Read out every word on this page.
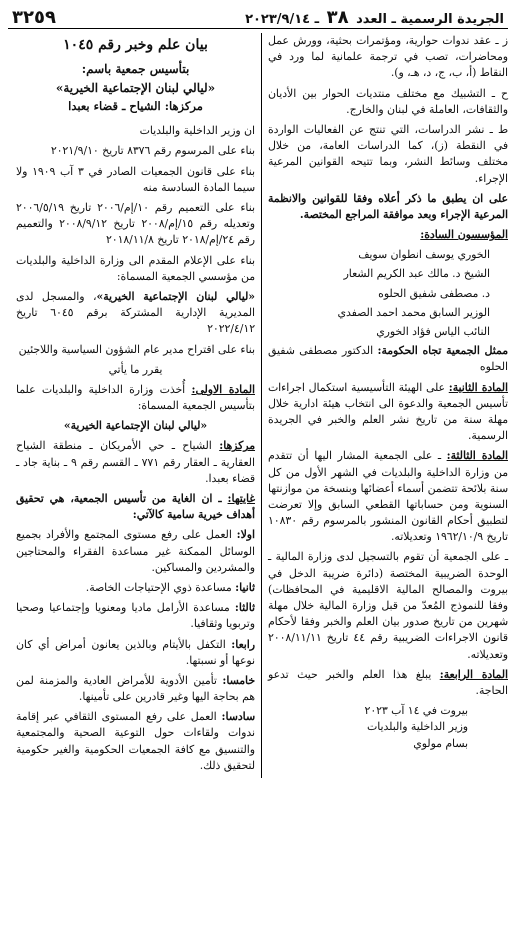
الجريدة الرسمية ـ العدد ٣٨ ـ ٢٠٢٣/٩/١٤
٣٢٥٩

ز ـ عقد ندوات حوارية، ومؤتمرات بحثية، وورش عمل ومحاضرات، تصب في ترجمة علمانية لما ورد في النقاط (أ، ب، ج، د، هـ، و).

ح ـ التشبيك مع مختلف منتديات الحوار بين الأديان والثقافات، العاملة في لبنان والخارج.

ط ـ نشر الدراسات، التي تنتج عن الفعاليات الواردة في النقطة (ز)، كما الدراسات العامة، من خلال مختلف وسائط النشر، وبما تتيحه القوانين المرعية الإجراء.

على ان يطبق ما ذكر أعلاه وفقا للقوانين والانظمة المرعية الإجراء وبعد موافقة المراجع المختصة.

المؤسسون السادة:

الخوري يوسف انطوان سويف

الشيخ د. مالك عبد الكريم الشعار

د. مصطفى شفيق الحلوه

الوزير السابق محمد احمد الصفدي

النائب الياس فؤاد الخوري

ممثل الجمعية تجاه الحكومة: الدكتور مصطفى شفيق الحلوه

المادة الثانية: على الهيئة التأسيسية استكمال اجراءات تأسيس الجمعية والدعوة الى انتخاب هيئة ادارية خلال مهلة سنة من تاريخ نشر العلم والخبر في الجريدة الرسمية.

المادة الثالثة: ـ على الجمعية المشار اليها أن تتقدم من وزارة الداخلية والبلديات في الشهر الأول من كل سنة بلائحة تتضمن أسماء أعضائها وبنسخة من موازنتها السنوية ومن حساباتها القطعي السابق وإلا تعرضت لتطبيق أحكام القانون المنشور بالمرسوم رقم ١٠٨٣٠ تاريخ ١٩٦٢/١٠/٩ وتعديلاته.

ـ على الجمعية أن تقوم بالتسجيل لدى وزارة المالية ـ الوحدة الضريبية المختصة (دائرة ضريبة الدخل في بيروت والمصالح المالية الاقليمية في المحافظات) وفقا للنموذج المُعدّ من قبل وزارة المالية خلال مهلة شهرين من تاريخ صدور بيان العلم والخبر وفقا لأحكام قانون الاجراءات الضريبية رقم ٤٤ تاريخ ٢٠٠٨/١١/١١ وتعديلاته.

المادة الرابعة: يبلغ هذا العلم والخبر حيث تدعو الحاجة.

بيروت في ١٤ آب ٢٠٢٣

وزير الداخلية والبلديات

بسام مولوي

بيان علم وخبر رقم ١٠٤٥
بتأسيس جمعية باسم:
«ليالي لبنان الإجتماعية الخيرية»
مركزها: الشياح ـ قضاء بعبدا

ان وزير الداخلية والبلديات

بناء على المرسوم رقم ٨٣٧٦ تاريخ ٢٠٢١/٩/١٠

بناء على قانون الجمعيات الصادر في ٣ آب ١٩٠٩ ولا سيما المادة السادسة منه

بناء على التعميم رقم ١٠/إم/٢٠٠٦ تاريخ ٢٠٠٦/٥/١٩ وتعديله رقم ١٥/إم/٢٠٠٨ تاريخ ٢٠٠٨/٩/١٢ والتعميم رقم ٢٤/إم/٢٠١٨ تاريخ ٢٠١٨/١١/٨

بناء على الإعلام المقدم الى وزارة الداخلية والبلديات من مؤسسي الجمعية المسماة:

«ليالي لبنان الإجتماعية الخيرية»، والمسجل لدى المديرية الإدارية المشتركة برقم ٦٠٤٥ تاريخ ٢٠٢٢/٤/١٢

بناء على اقتراح مدير عام الشؤون السياسية واللاجئين

يقرر ما يأتي

المادة الاولى: أُخذت وزارة الداخلية والبلديات علما بتأسيس الجمعية المسماة:

«ليالي لبنان الإجتماعية الخيرية»

مركزها: الشياح ـ حي الأمريكان ـ منطقة الشياح العقارية ـ العقار رقم ٧٧١ ـ القسم رقم ٩ ـ بناية جاد ـ قضاء بعبدا.

غايتها: ـ ان الغاية من تأسيس الجمعية، هي تحقيق أهداف خيرية سامية كالآتي:

اولا: العمل على رفع مستوى المجتمع والأفراد بجميع الوسائل الممكنة غير مساعدة الفقراء والمحتاجين والمشردين والمساكين.

ثانيا: مساعدة ذوي الإحتياجات الخاصة.

ثالثا: مساعدة الأرامل ماديا ومعنويا وإجتماعيا وصحيا وتربويا وثقافيا.

رابعا: التكفل بالأيتام وبالذين يعانون أمراض أي كان نوعها أو نسبتها.

خامسا: تأمين الأدوية للأمراض العادية والمزمنة لمن هم بحاجة اليها وغير قادرين على تأمينها.

سادسا: العمل على رفع المستوى الثقافي عبر إقامة ندوات ولقاءات حول التوعية الصحية والمجتمعية والتنسيق مع كافة الجمعيات الحكومية والغير حكومية لتحقيق ذلك.
